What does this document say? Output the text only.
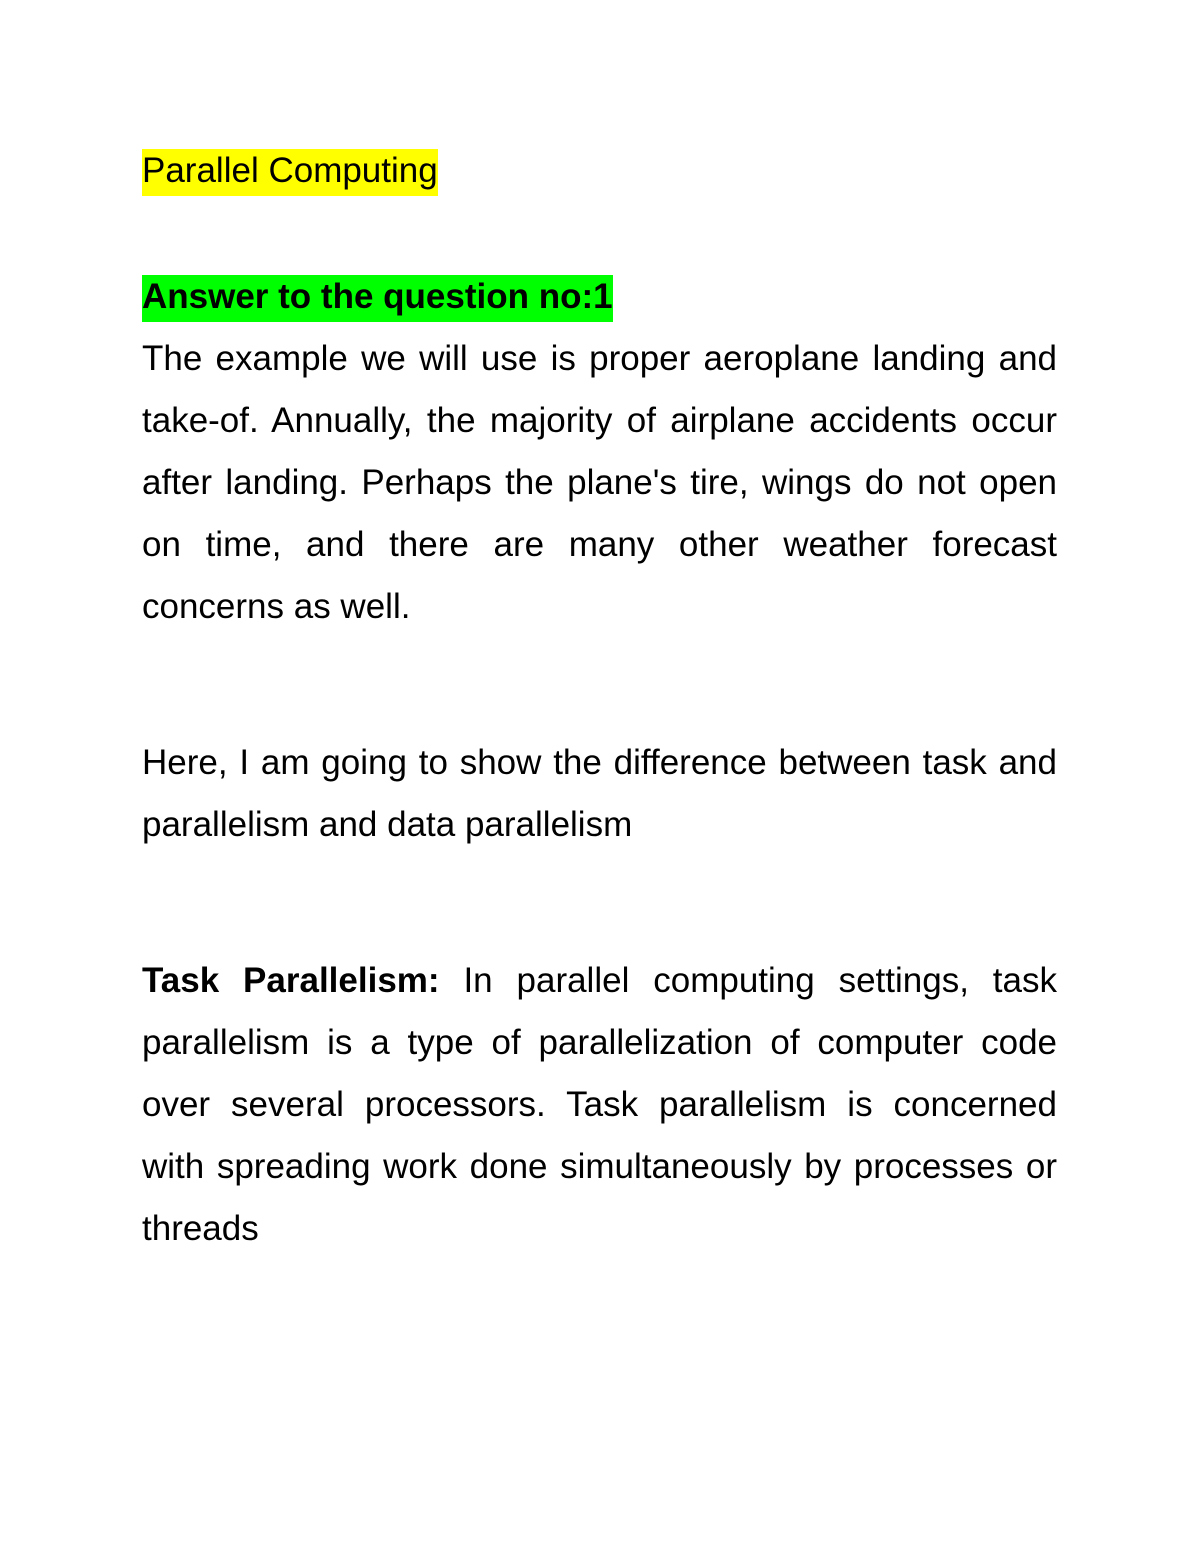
Parallel Computing
Answer to the question no:1

The example we will use is proper aeroplane landing and take-of. Annually, the majority of airplane accidents occur after landing. Perhaps the plane's tire, wings do not open on time, and there are many other weather forecast concerns as well.

Here, I am going to show the difference between task and parallelism and data parallelism

Task Parallelism: In parallel computing settings, task parallelism is a type of parallelization of computer code over several processors. Task parallelism is concerned with spreading work done simultaneously by processes or threads
